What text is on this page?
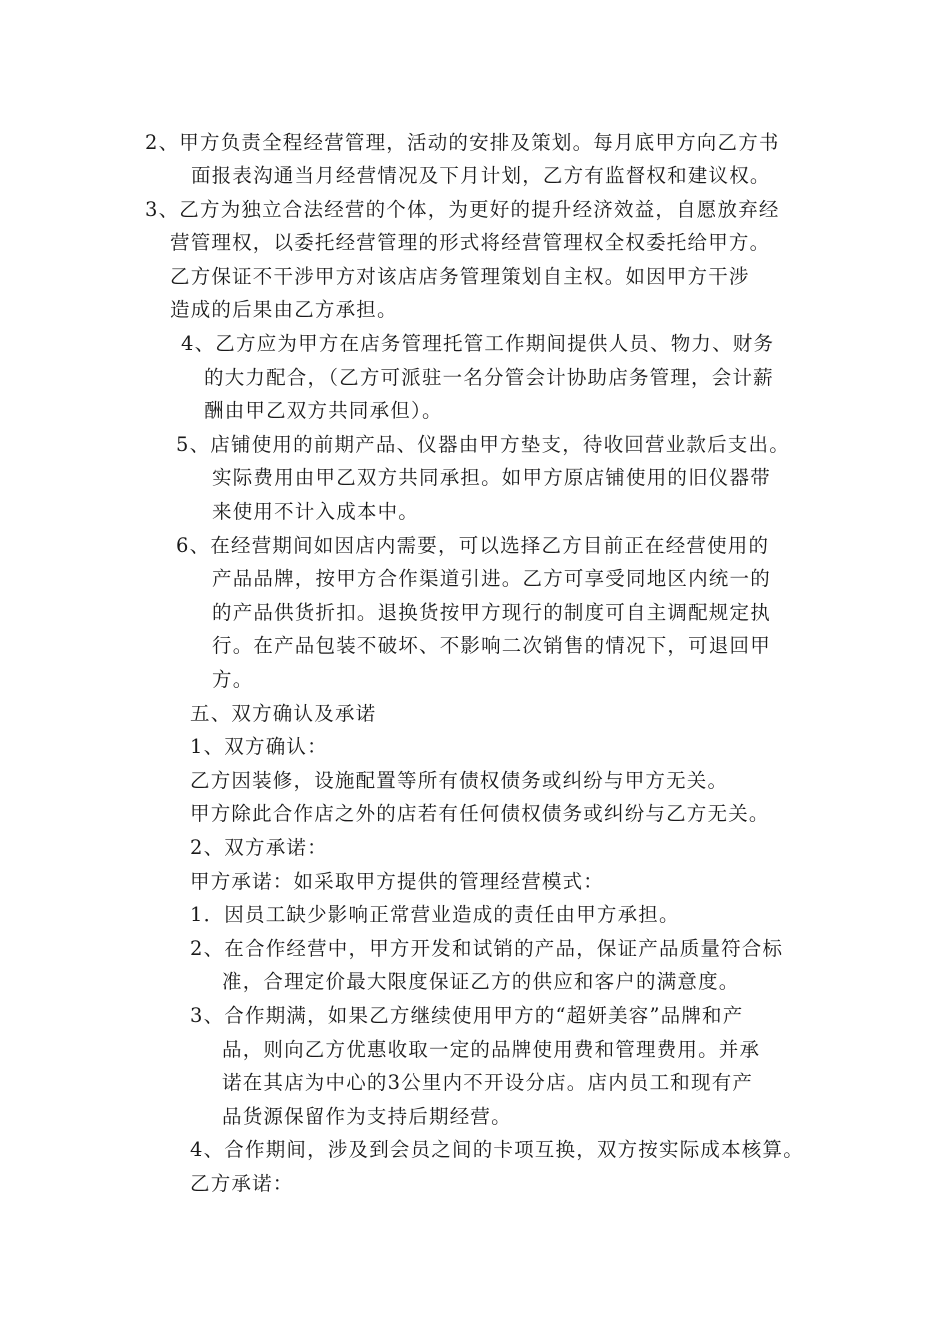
2、甲方负责全程经营管理，活动的安排及策划。每月底甲方向乙方书
面报表沟通当月经营情况及下月计划，乙方有监督权和建议权。
3、乙方为独立合法经营的个体，为更好的提升经济效益，自愿放弃经
营管理权，以委托经营管理的形式将经营管理权全权委托给甲方。
乙方保证不干涉甲方对该店店务管理策划自主权。如因甲方干涉
造成的后果由乙方承担。
4、乙方应为甲方在店务管理托管工作期间提供人员、物力、财务
的大力配合，（乙方可派驻一名分管会计协助店务管理，会计薪
酬由甲乙双方共同承但）。
5、店铺使用的前期产品、仪器由甲方垫支，待收回营业款后支出。
实际费用由甲乙双方共同承担。如甲方原店铺使用的旧仪器带
来使用不计入成本中。
6、在经营期间如因店内需要，可以选择乙方目前正在经营使用的
产品品牌，按甲方合作渠道引进。乙方可享受同地区内统一的
的产品供货折扣。退换货按甲方现行的制度可自主调配规定执
行。在产品包装不破坏、不影响二次销售的情况下，可退回甲
方。
五、双方确认及承诺
1、双方确认：
乙方因装修，设施配置等所有债权债务或纠纷与甲方无关。
甲方除此合作店之外的店若有任何债权债务或纠纷与乙方无关。
2、双方承诺：
甲方承诺：如采取甲方提供的管理经营模式：
1．因员工缺少影响正常营业造成的责任由甲方承担。
2、在合作经营中，甲方开发和试销的产品，保证产品质量符合标
准，合理定价最大限度保证乙方的供应和客户的满意度。
3、合作期满，如果乙方继续使用甲方的“超妍美容”品牌和产
品，则向乙方优惠收取一定的品牌使用费和管理费用。并承
诺在其店为中心的3公里内不开设分店。店内员工和现有产
品货源保留作为支持后期经营。
4、合作期间，涉及到会员之间的卡项互换，双方按实际成本核算。
乙方承诺：
